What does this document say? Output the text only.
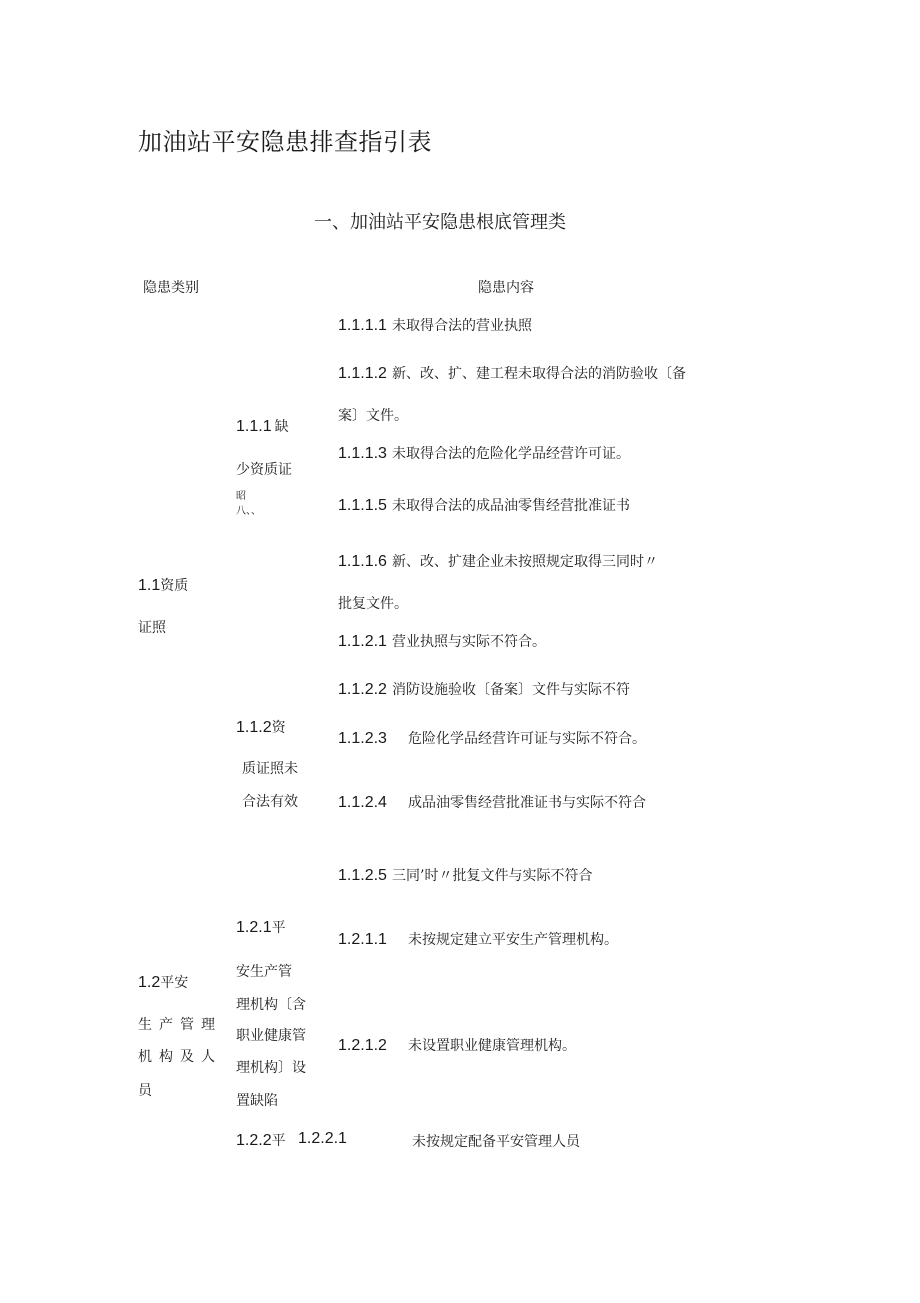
加油站平安隐患排查指引表
一、加油站平安隐患根底管理类
隐患类别	隐患内容
1.1资质
证照
1.2平安
生产管理
机构及人
员
1.1.1 缺
少资质证
昭
八、、
1.1.2资
质证照未
合法有效
1.2.1平
安生产管
理机构〔含
职业健康管
理机构〕设
置缺陷
1.2.2平
1.1.1.1 未取得合法的营业执照
1.1.1.2 新、改、扩、建工程未取得合法的消防验收〔备
案〕文件。
1.1.1.3 未取得合法的危险化学品经营许可证。
1.1.1.5 未取得合法的成品油零售经营批准证书
1.1.1.6 新、改、扩建企业未按照规定取得三同时〃
批复文件。
1.1.2.1 营业执照与实际不符合。
1.1.2.2 消防设施验收〔备案〕文件与实际不符
1.1.2.3 危险化学品经营许可证与实际不符合。
1.1.2.4 成品油零售经营批准证书与实际不符合
1.1.2.5 三同’时〃批复文件与实际不符合
1.2.1.1 未按规定建立平安生产管理机构。
1.2.1.2 未设置职业健康管理机构。
1.2.2.1	未按规定配备平安管理人员
